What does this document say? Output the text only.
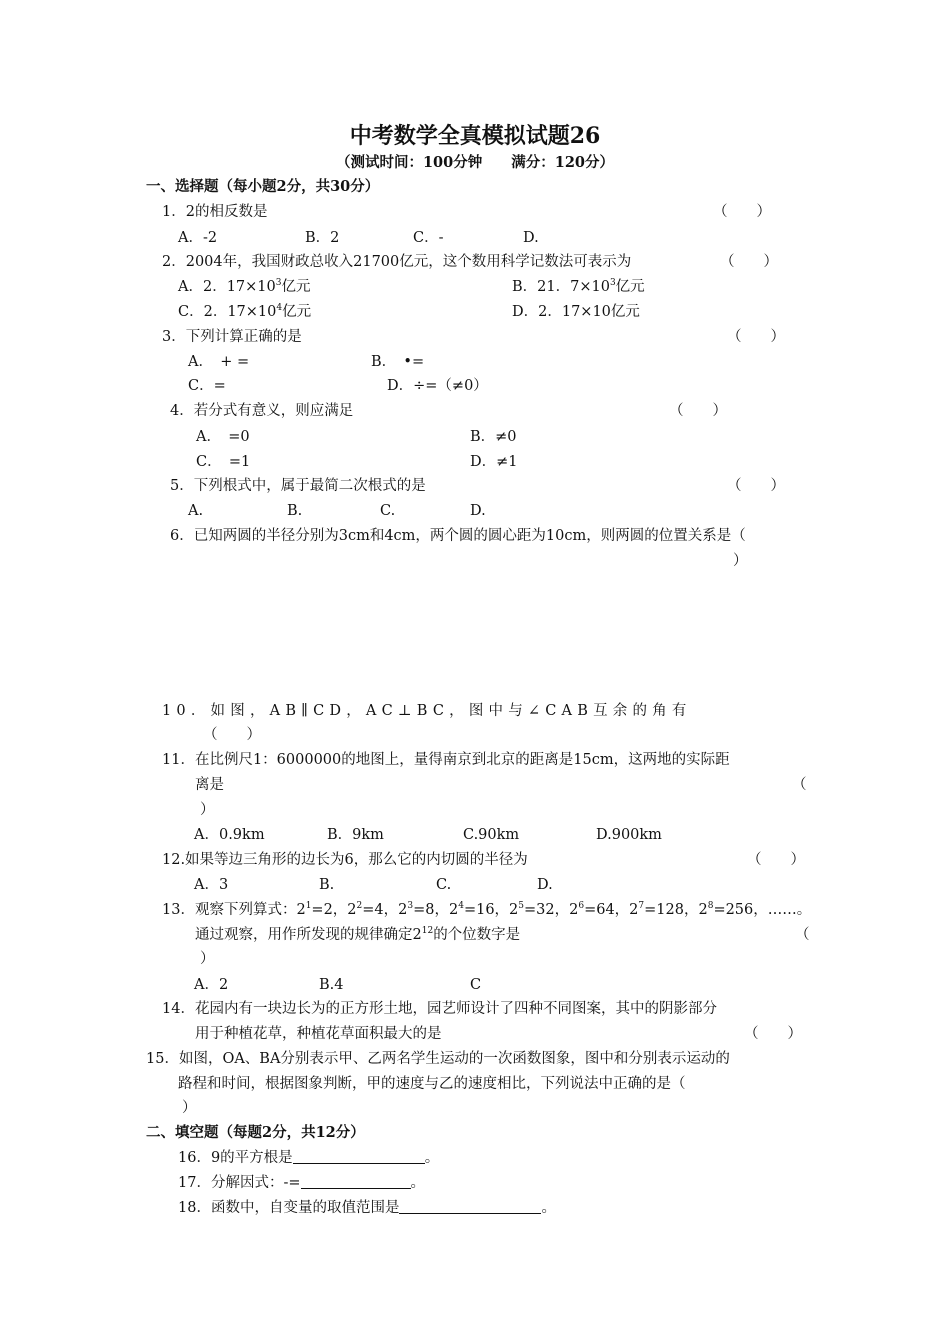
中考数学全真模拟试题26
（测试时间：100分钟　　满分：120分）
一、选择题（每小题2分，共30分）
1．2的相反数是	（　　）
A．-2	B．2	C．-	D.
2．2004年，我国财政总收入21700亿元，这个数用科学记数法可表示为	（　　）
A．2．$17\times 10^3$亿元	B．21．$7\times 10^3$亿元
C．2．$17\times 10^4$亿元	D．2．17×10亿元
3．下列计算正确的是	（　　）
A．　+ =	B．　•=
C．=	D．÷=（≠0）
4．若分式有意义，则应满足	（　　）
A．　=0	B．≠0
C．　=1	D．≠1
5．下列根式中，属于最简二次根式的是	（　　）
A.	B.	C.	D.
6．已知两圆的半径分别为3cm和4cm，两个圆的圆心距为10cm，则两圆的位置关系是（
）
10．如图，AB∥CD，AC⊥BC，图中与∠CAB互余的角有
（　　）
11．在比例尺1：6000000的地图上，量得南京到北京的距离是15cm，这两地的实际距
离是	（
）
A．0.9km	B．9km	C.90km	D.900km
12.如果等边三角形的边长为6，那么它的内切圆的半径为	（　　）
A．3	B.	C.	D.
13．观察下列算式：$2^1=2$，$2^2=4$，$2^3=8$，$2^4=16$，$2^5=32$，$2^6=64$，$2^7=128$，$2^8=256$，……。
通过观察，用作所发现的规律确定$2^{12}$的个位数字是	（
）
A．2	B.4	C
14．花园内有一块边长为的正方形土地，园艺师设计了四种不同图案，其中的阴影部分
用于种植花草，种植花草面积最大的是	（　　）
15．如图，OA、BA分别表示甲、乙两名学生运动的一次函数图象，图中和分别表示运动的
路程和时间，根据图象判断，甲的速度与乙的速度相比，下列说法中正确的是（
）
二、填空题（每题2分，共12分）
16．9的平方根是	。
17．分解因式：-=	。
18．函数中，自变量的取值范围是	。
